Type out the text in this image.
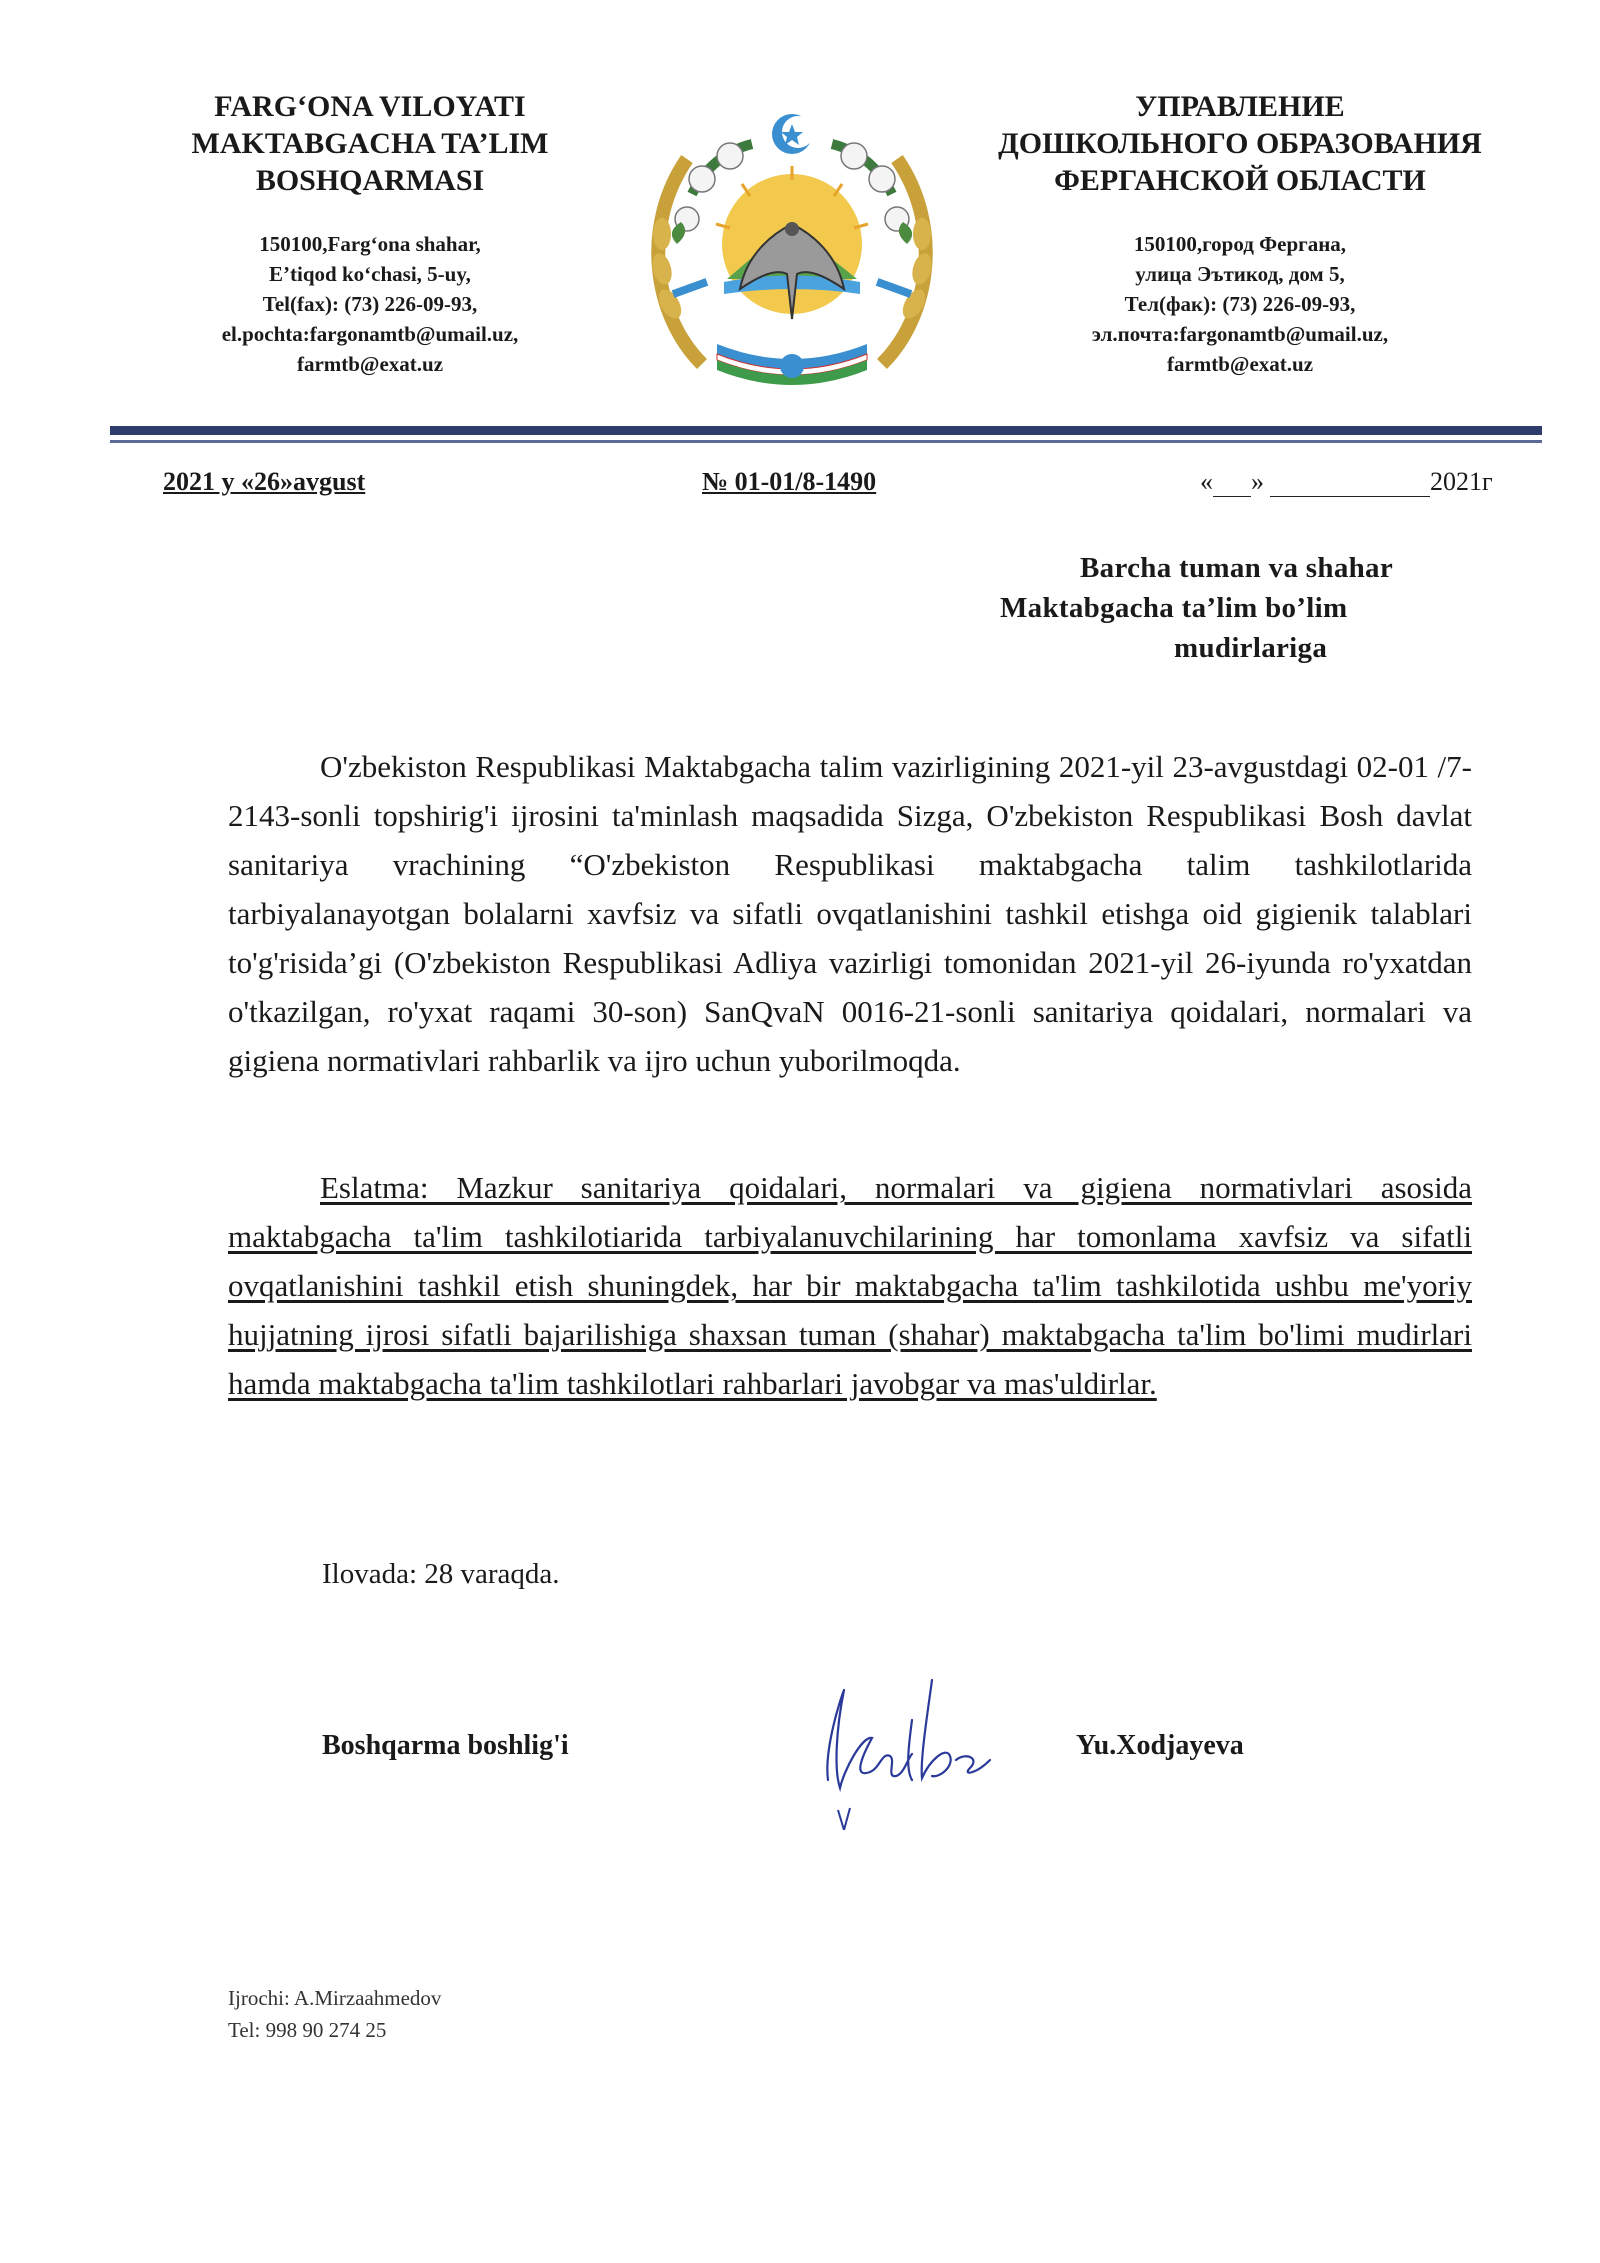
FARG‘ONA VILOYATI
MAKTABGACHA TA’LIM
BOSHQARMASI
150100,Farg‘ona shahar,
E’tiqod ko‘chasi, 5-uy,
Tel(fax): (73) 226-09-93,
el.pochta:fargonamtb@umail.uz,
farmtb@exat.uz
УПРАВЛЕНИЕ
ДОШКОЛЬНОГО ОБРАЗОВАНИЯ
ФЕРГАНСКОЙ ОБЛАСТИ
150100,город Фергана,
улица Эътикод, дом 5,
Тел(фак): (73) 226-09-93,
эл.почта:fargonamtb@umail.uz,
farmtb@exat.uz
2021 y «26»avgust	№ 01-01/8-1490	« »	2021г
Barcha tuman va shahar
Maktabgacha ta’lim bo’lim
mudirlariga

O'zbekiston Respublikasi Maktabgacha talim vazirligining 2021-yil 23-avgustdagi 02-01 /7-2143-sonli topshirig'i ijrosini ta'minlash maqsadida Sizga, O'zbekiston Respublikasi Bosh davlat sanitariya vrachining “O'zbekiston Respublikasi maktabgacha talim tashkilotlarida tarbiyalanayotgan bolalarni xavfsiz va sifatli ovqatlanishini tashkil etishga oid gigienik talablari to'g'risida’gi (O'zbekiston Respublikasi Adliya vazirligi tomonidan 2021-yil 26-iyunda ro'yxatdan o'tkazilgan, ro'yxat raqami 30-son) SanQvaN 0016-21-sonli sanitariya qoidalari, normalari va gigiena normativlari rahbarlik va ijro uchun yuborilmoqda.

Eslatma: Mazkur sanitariya qoidalari, normalari va gigiena normativlari asosida maktabgacha ta'lim tashkilotiarida tarbiyalanuvchilarining har tomonlama xavfsiz va sifatli ovqatlanishini tashkil etish shuningdek, har bir maktabgacha ta'lim tashkilotida ushbu me'yoriy hujjatning ijrosi sifatli bajarilishiga shaxsan tuman (shahar) maktabgacha ta'lim bo'limi mudirlari hamda maktabgacha ta'lim tashkilotlari rahbarlari javobgar va mas'uldirlar.

Ilovada: 28 varaqda.
Boshqarma boshlig'i	Yu.Xodjayeva
Ijrochi: A.Mirzaahmedov
Tel: 998 90 274 25
